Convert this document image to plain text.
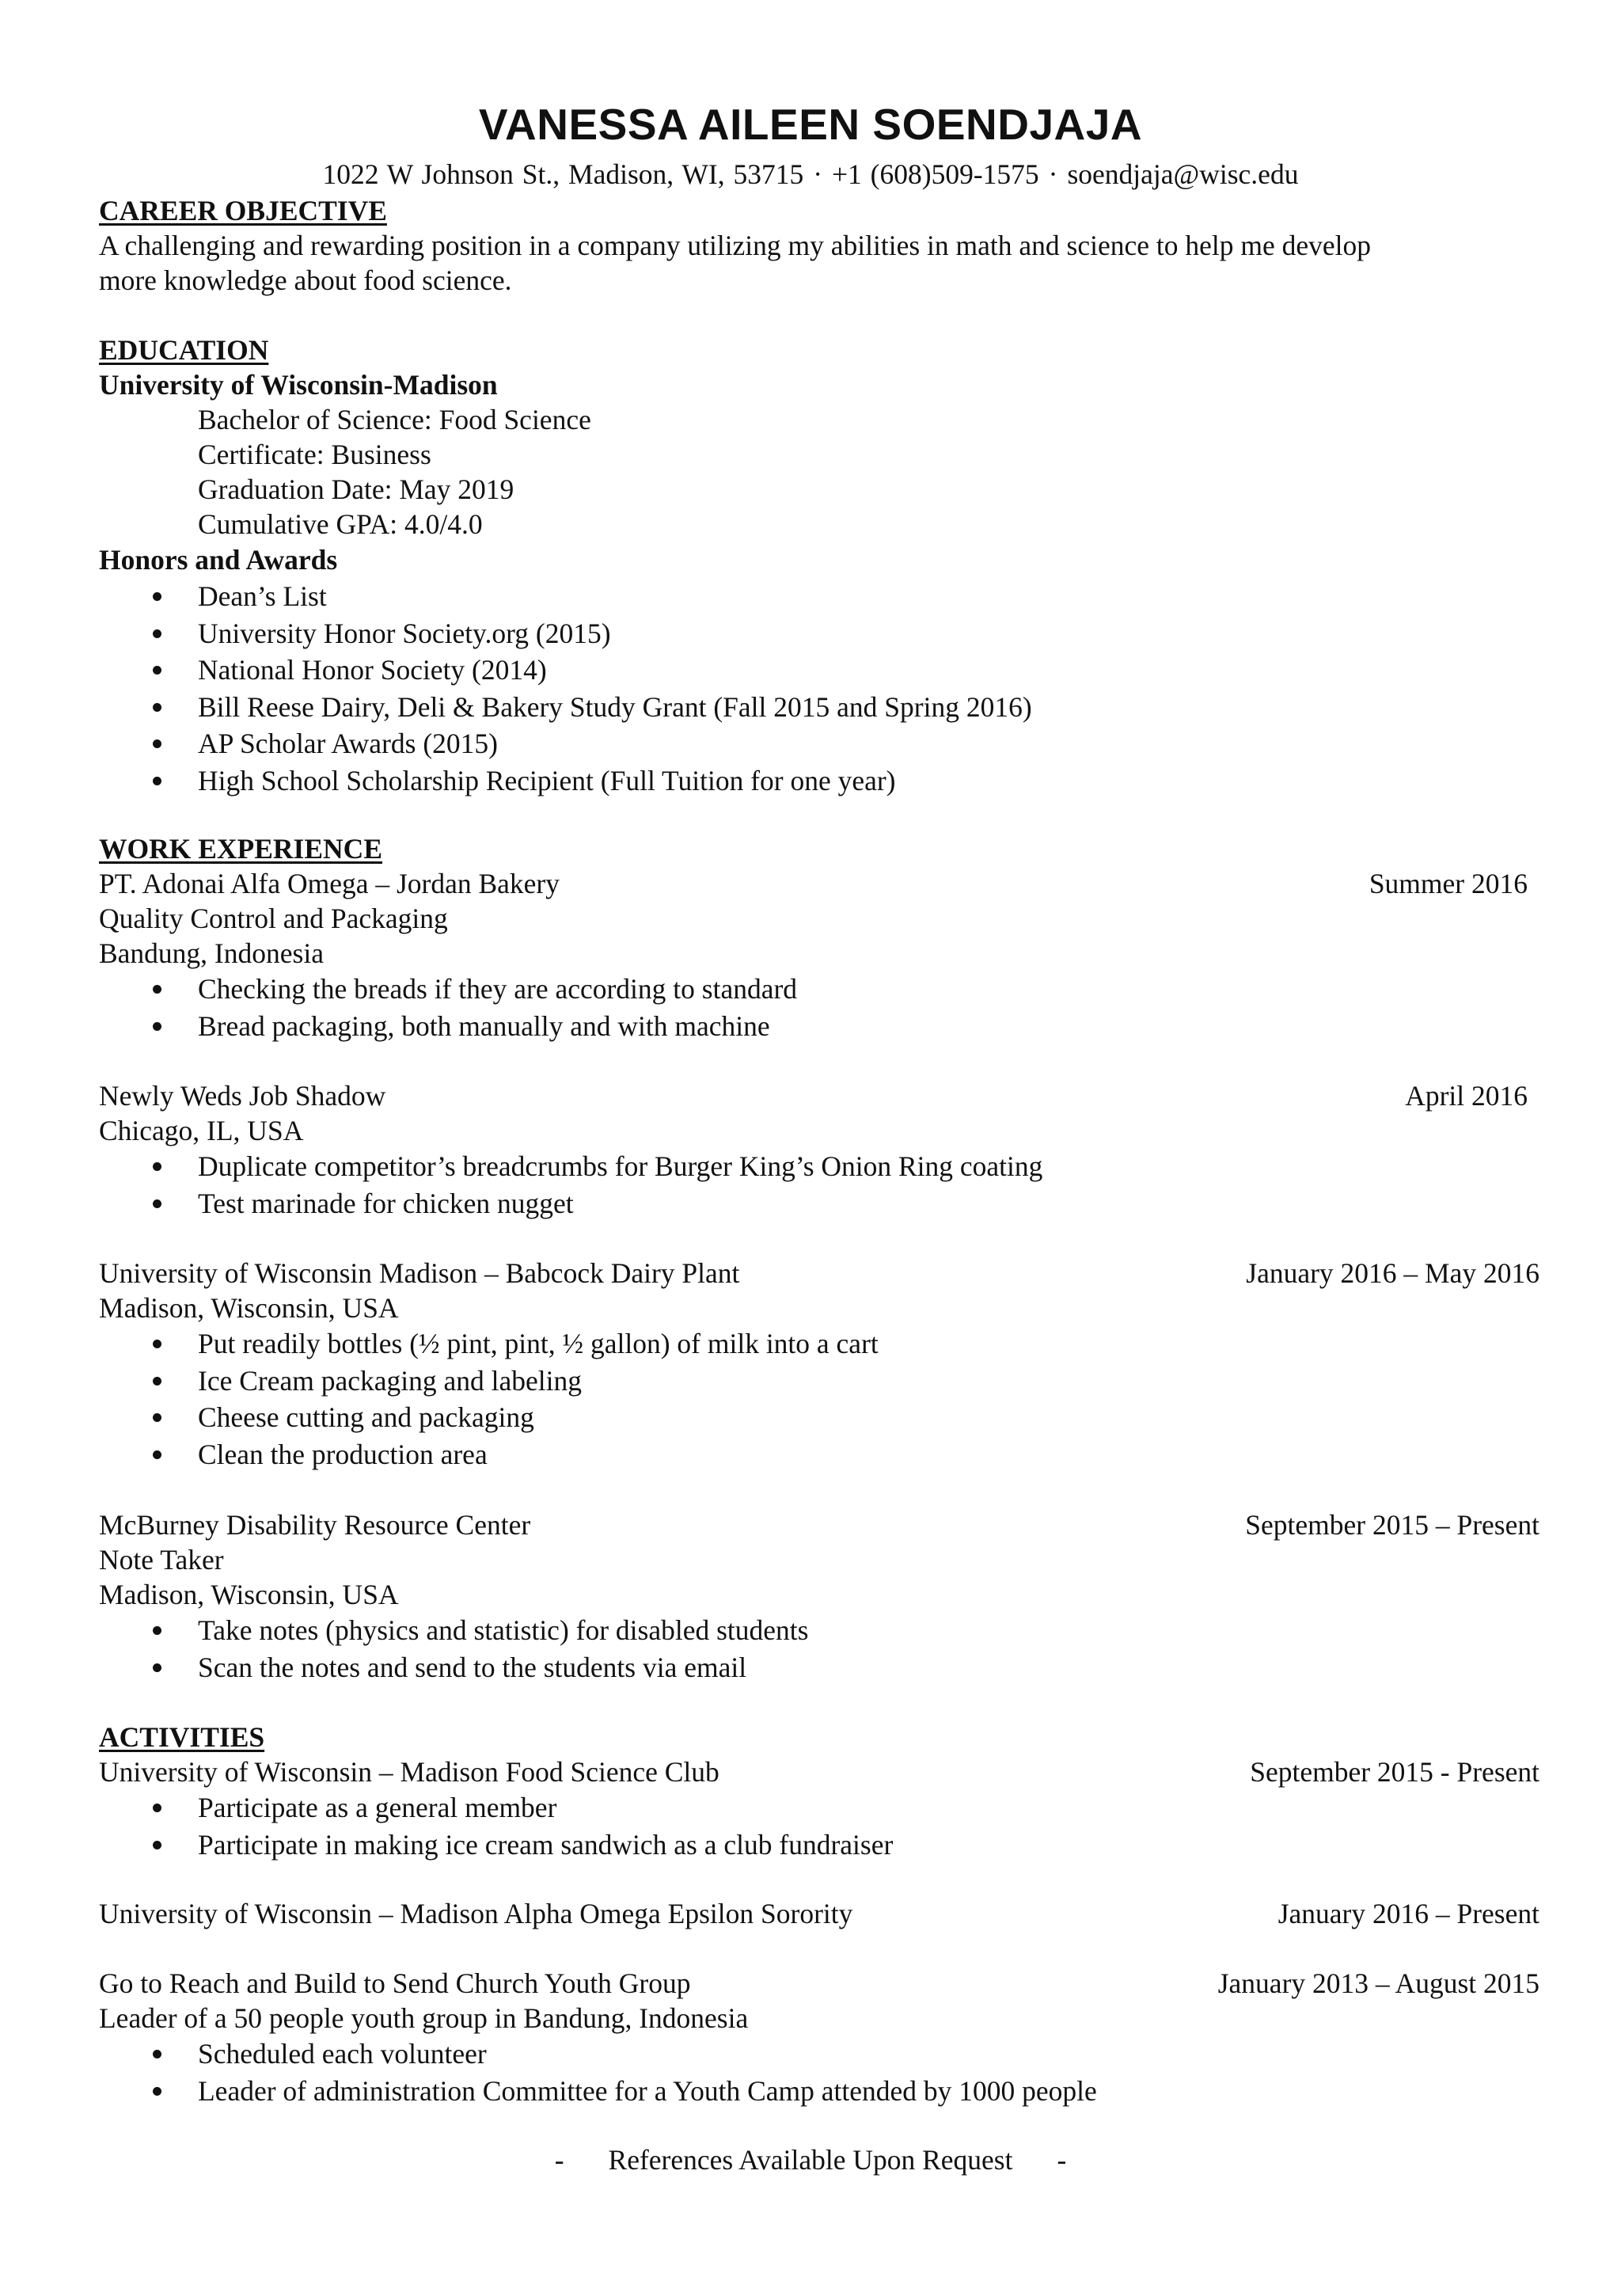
VANESSA AILEEN SOENDJAJA
1022 W Johnson St., Madison, WI, 53715 · +1 (608)509-1575 · soendjaja@wisc.edu
CAREER OBJECTIVE
A challenging and rewarding position in a company utilizing my abilities in math and science to help me develop
more knowledge about food science.
EDUCATION
University of Wisconsin-Madison
Bachelor of Science: Food Science
Certificate: Business
Graduation Date: May 2019
Cumulative GPA: 4.0/4.0
Honors and Awards
Dean’s List
University Honor Society.org (2015)
National Honor Society (2014)
Bill Reese Dairy, Deli & Bakery Study Grant (Fall 2015 and Spring 2016)
AP Scholar Awards (2015)
High School Scholarship Recipient (Full Tuition for one year)
WORK EXPERIENCE
PT. Adonai Alfa Omega – Jordan Bakery	Summer 2016
Quality Control and Packaging
Bandung, Indonesia
Checking the breads if they are according to standard
Bread packaging, both manually and with machine
Newly Weds Job Shadow	April 2016
Chicago, IL, USA
Duplicate competitor’s breadcrumbs for Burger King’s Onion Ring coating
Test marinade for chicken nugget
University of Wisconsin Madison – Babcock Dairy Plant	January 2016 – May 2016
Madison, Wisconsin, USA
Put readily bottles (½ pint, pint, ½ gallon) of milk into a cart
Ice Cream packaging and labeling
Cheese cutting and packaging
Clean the production area
McBurney Disability Resource Center	September 2015 – Present
Note Taker
Madison, Wisconsin, USA
Take notes (physics and statistic) for disabled students
Scan the notes and send to the students via email
ACTIVITIES
University of Wisconsin – Madison Food Science Club	September 2015 - Present
Participate as a general member
Participate in making ice cream sandwich as a club fundraiser
University of Wisconsin – Madison Alpha Omega Epsilon Sorority	January 2016 – Present
Go to Reach and Build to Send Church Youth Group	January 2013 – August 2015
Leader of a 50 people youth group in Bandung, Indonesia
Scheduled each volunteer
Leader of administration Committee for a Youth Camp attended by 1000 people
- References Available Upon Request -
